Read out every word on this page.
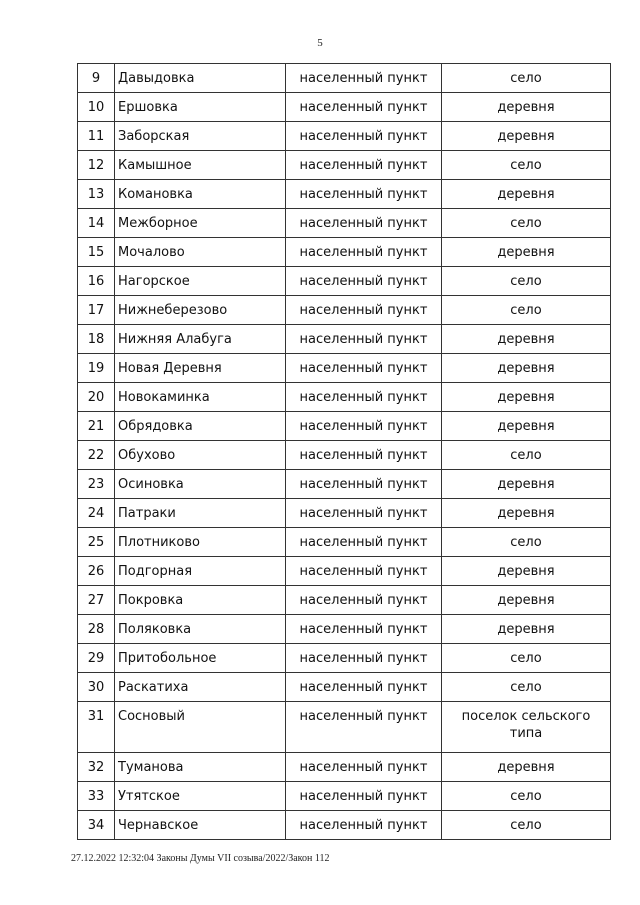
5
9	Давыдовка	населенный пункт	село
10	Ершовка	населенный пункт	деревня
11	Заборская	населенный пункт	деревня
12	Камышное	населенный пункт	село
13	Комановка	населенный пункт	деревня
14	Межборное	населенный пункт	село
15	Мочалово	населенный пункт	деревня
16	Нагорское	населенный пункт	село
17	Нижнеберезово	населенный пункт	село
18	Нижняя Алабуга	населенный пункт	деревня
19	Новая Деревня	населенный пункт	деревня
20	Новокаминка	населенный пункт	деревня
21	Обрядовка	населенный пункт	деревня
22	Обухово	населенный пункт	село
23	Осиновка	населенный пункт	деревня
24	Патраки	населенный пункт	деревня
25	Плотниково	населенный пункт	село
26	Подгорная	населенный пункт	деревня
27	Покровка	населенный пункт	деревня
28	Поляковка	населенный пункт	деревня
29	Притобольное	населенный пункт	село
30	Раскатиха	населенный пункт	село
31	Сосновый	населенный пункт	поселок сельского типа
32	Туманова	населенный пункт	деревня
33	Утятское	населенный пункт	село
34	Чернавское	населенный пункт	село
27.12.2022 12:32:04 Законы Думы VII созыва/2022/Закон 112
